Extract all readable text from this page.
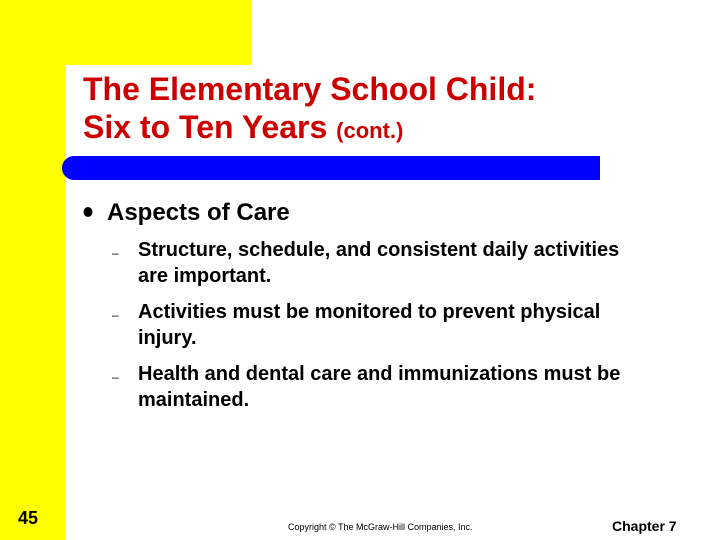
The Elementary School Child:
Six to Ten Years (cont.)
Aspects of Care
– Structure, schedule, and consistent daily activities are important.
– Activities must be monitored to prevent physical injury.
– Health and dental care and immunizations must be maintained.
45	Copyright © The McGraw-Hill Companies, Inc.	Chapter 7
